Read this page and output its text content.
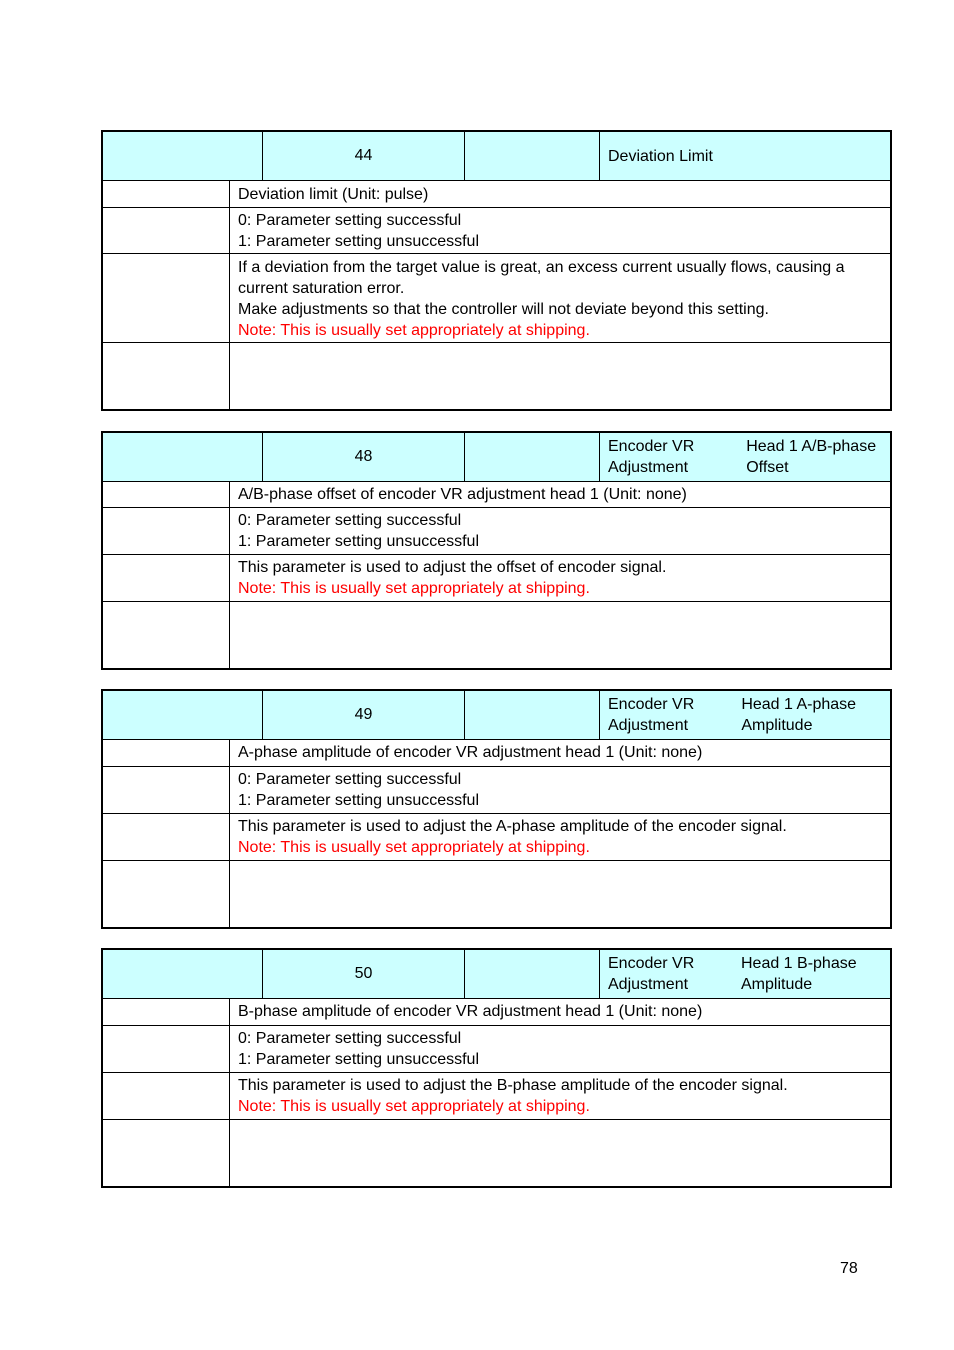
44	Deviation Limit
Deviation limit (Unit: pulse)
0: Parameter setting successful
1: Parameter setting unsuccessful
If a deviation from the target value is great, an excess current usually flows, causing a current saturation error.
Make adjustments so that the controller will not deviate beyond this setting.
Note: This is usually set appropriately at shipping.
48
Encoder VR Adjustment
Head 1 A/B-phase Offset
A/B-phase offset of encoder VR adjustment head 1 (Unit: none)
0: Parameter setting successful
1: Parameter setting unsuccessful
This parameter is used to adjust the offset of encoder signal.
Note: This is usually set appropriately at shipping.
49
Encoder VR Adjustment
Head 1 A-phase Amplitude
A-phase amplitude of encoder VR adjustment head 1 (Unit: none)
0: Parameter setting successful
1: Parameter setting unsuccessful
This parameter is used to adjust the A-phase amplitude of the encoder signal.
Note: This is usually set appropriately at shipping.
50
Encoder VR Adjustment
Head 1 B-phase Amplitude
B-phase amplitude of encoder VR adjustment head 1 (Unit: none)
0: Parameter setting successful
1: Parameter setting unsuccessful
This parameter is used to adjust the B-phase amplitude of the encoder signal.
Note: This is usually set appropriately at shipping.
78
